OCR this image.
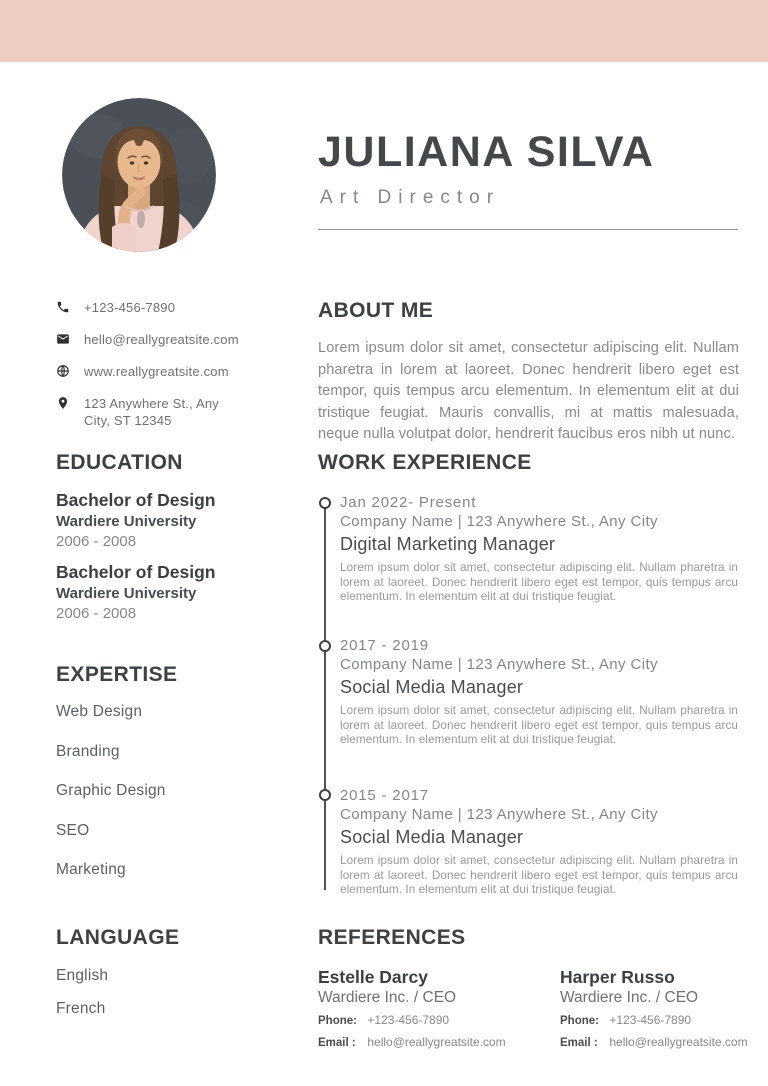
JULIANA SILVA
Art Director
+123-456-7890
hello@reallygreatsite.com
www.reallygreatsite.com
123 Anywhere St., Any City, ST 12345
EDUCATION
Bachelor of Design
Wardiere University
2006 - 2008
Bachelor of Design
Wardiere University
2006 - 2008
EXPERTISE
Web Design
Branding
Graphic Design
SEO
Marketing
LANGUAGE
English
French
ABOUT ME
Lorem ipsum dolor sit amet, consectetur adipiscing elit. Nullam pharetra in lorem at laoreet. Donec hendrerit libero eget est tempor, quis tempus arcu elementum. In elementum elit at dui tristique feugiat. Mauris convallis, mi at mattis malesuada, neque nulla volutpat dolor, hendrerit faucibus eros nibh ut nunc.
WORK EXPERIENCE
Jan 2022- Present
Company Name | 123 Anywhere St., Any City
Digital Marketing Manager
Lorem ipsum dolor sit amet, consectetur adipiscing elit. Nullam pharetra in lorem at laoreet. Donec hendrerit libero eget est tempor, quis tempus arcu elementum. In elementum elit at dui tristique feugiat.
2017 - 2019
Company Name | 123 Anywhere St., Any City
Social Media Manager
Lorem ipsum dolor sit amet, consectetur adipiscing elit. Nullam pharetra in lorem at laoreet. Donec hendrerit libero eget est tempor, quis tempus arcu elementum. In elementum elit at dui tristique feugiat.
2015 - 2017
Company Name | 123 Anywhere St., Any City
Social Media Manager
Lorem ipsum dolor sit amet, consectetur adipiscing elit. Nullam pharetra in lorem at laoreet. Donec hendrerit libero eget est tempor, quis tempus arcu elementum. In elementum elit at dui tristique feugiat.
REFERENCES
Estelle Darcy
Wardiere Inc. / CEO
Phone: +123-456-7890
Email : hello@reallygreatsite.com
Harper Russo
Wardiere Inc. / CEO
Phone: +123-456-7890
Email : hello@reallygreatsite.com
